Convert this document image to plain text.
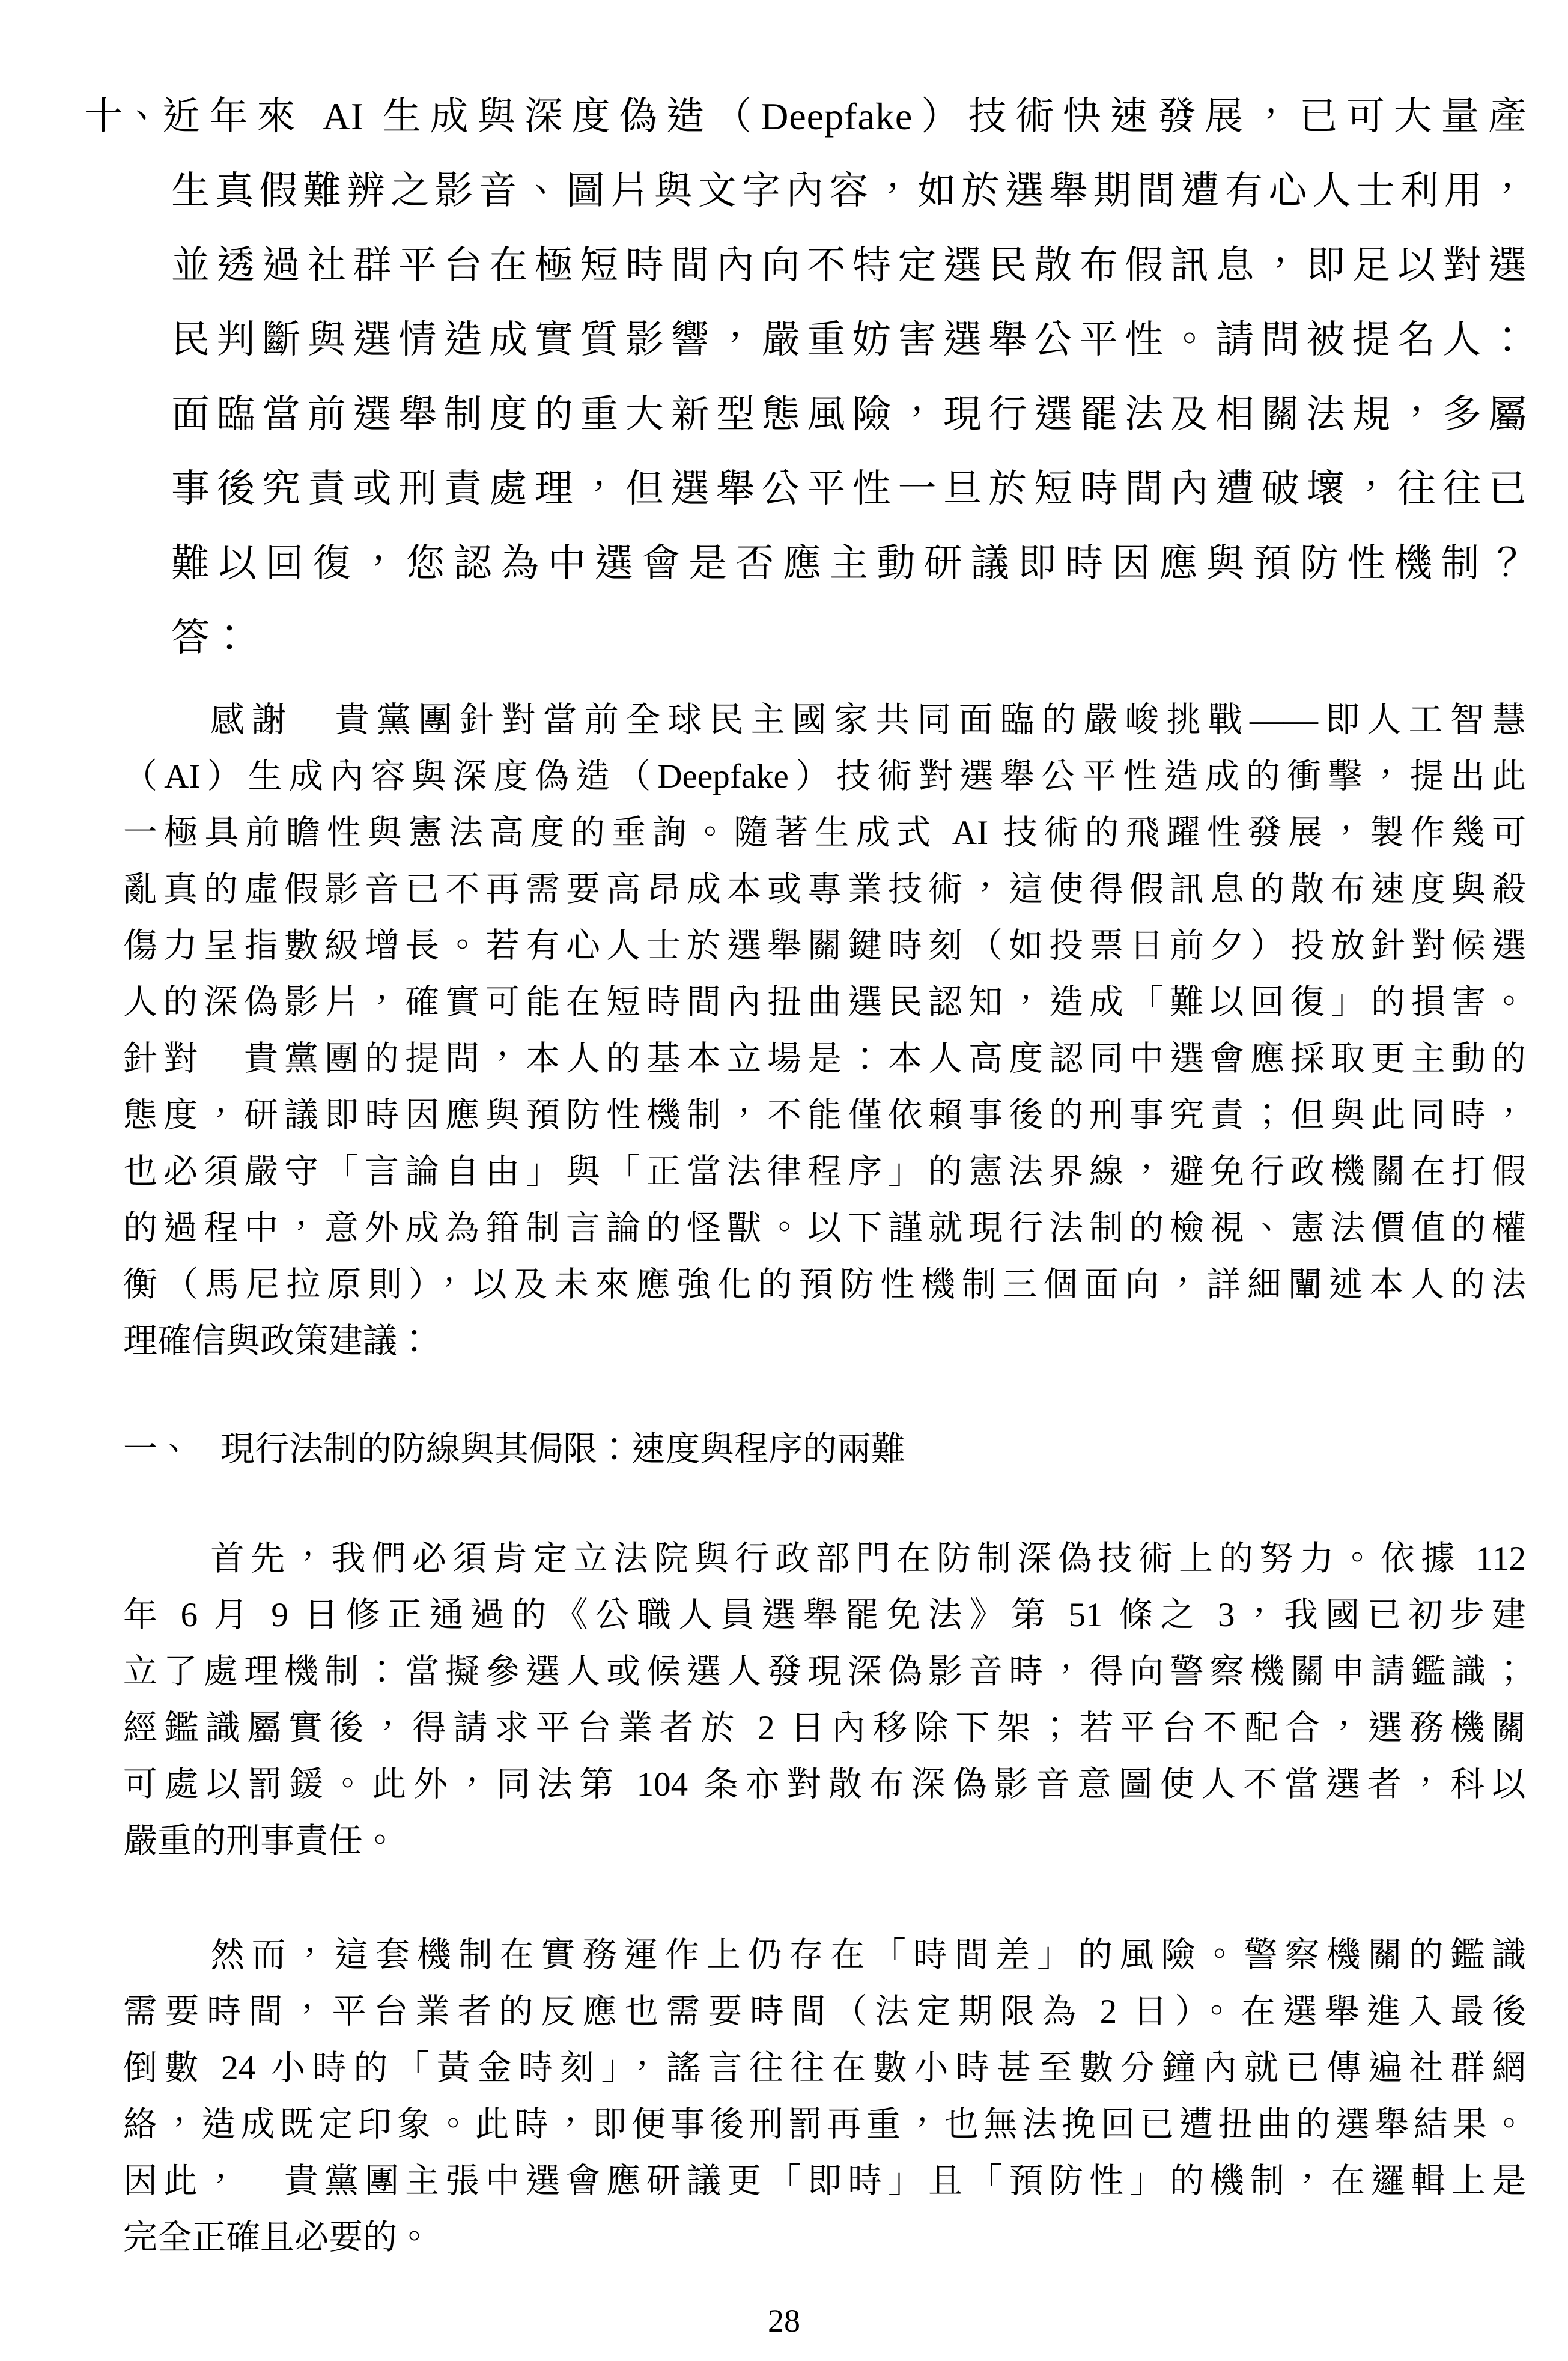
十、 近年來 AI 生成與深度偽造（Deepfake）技術快速發展，已可大量產
生真假難辨之影音、圖片與文字內容，如於選舉期間遭有心人士利用，
並透過社群平台在極短時間內向不特定選民散布假訊息，即足以對選
民判斷與選情造成實質影響，嚴重妨害選舉公平性。請問被提名人：
面臨當前選舉制度的重大新型態風險，現行選罷法及相關法規，多屬
事後究責或刑責處理，但選舉公平性一旦於短時間內遭破壞，往往已
難以回復，您認為中選會是否應主動研議即時因應與預防性機制？
答：
感謝　貴黨團針對當前全球民主國家共同面臨的嚴峻挑戰——即人工智慧
（AI）生成內容與深度偽造（Deepfake）技術對選舉公平性造成的衝擊，提出此
一極具前瞻性與憲法高度的垂詢。隨著生成式 AI 技術的飛躍性發展，製作幾可
亂真的虛假影音已不再需要高昂成本或專業技術，這使得假訊息的散布速度與殺
傷力呈指數級增長。若有心人士於選舉關鍵時刻（如投票日前夕）投放針對候選
人的深偽影片，確實可能在短時間內扭曲選民認知，造成「難以回復」的損害。
針對　貴黨團的提問，本人的基本立場是：本人高度認同中選會應採取更主動的
態度，研議即時因應與預防性機制，不能僅依賴事後的刑事究責；但與此同時，
也必須嚴守「言論自由」與「正當法律程序」的憲法界線，避免行政機關在打假
的過程中，意外成為箝制言論的怪獸。以下謹就現行法制的檢視、憲法價值的權
衡（馬尼拉原則），以及未來應強化的預防性機制三個面向，詳細闡述本人的法
理確信與政策建議：
一、 現行法制的防線與其侷限：速度與程序的兩難
首先，我們必須肯定立法院與行政部門在防制深偽技術上的努力。依據 112
年 6 月 9 日修正通過的《公職人員選舉罷免法》第 51 條之 3，我國已初步建
立了處理機制：當擬參選人或候選人發現深偽影音時，得向警察機關申請鑑識；
經鑑識屬實後，得請求平台業者於 2 日內移除下架；若平台不配合，選務機關
可處以罰鍰。此外，同法第 104 条亦對散布深偽影音意圖使人不當選者，科以
嚴重的刑事責任。
然而，這套機制在實務運作上仍存在「時間差」的風險。警察機關的鑑識
需要時間，平台業者的反應也需要時間（法定期限為 2 日）。在選舉進入最後
倒數 24 小時的「黃金時刻」，謠言往往在數小時甚至數分鐘內就已傳遍社群網
絡，造成既定印象。此時，即便事後刑罰再重，也無法挽回已遭扭曲的選舉結果。
因此，　貴黨團主張中選會應研議更「即時」且「預防性」的機制，在邏輯上是
完全正確且必要的。
28
